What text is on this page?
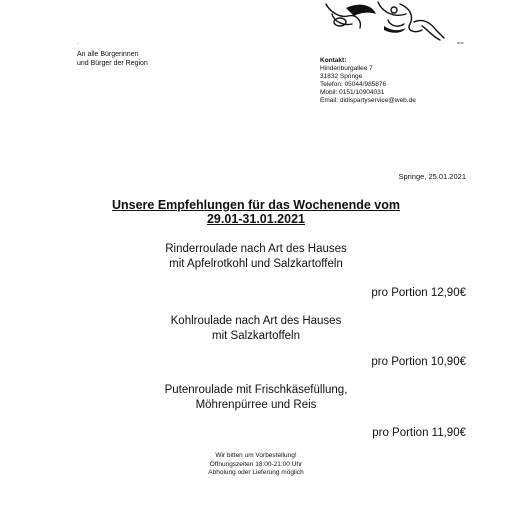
ans
.
An alle Bürgerinnen
und Bürger der Region	Kontakt:
Hindenburgallee 7
31832 Springe
Telefon: 05044/985876
Mobil: 0151/10904031
Email: didispartyservice@web.de
Springe, 25.01.2021
Unsere Empfehlungen für das Wochenende vom
29.01-31.01.2021
Rinderroulade nach Art des Hauses
mit Apfelrotkohl und Salzkartoffeln
pro Portion 12,90€
Kohlroulade nach Art des Hauses
mit Salzkartoffeln
pro Portion 10,90€
Putenroulade mit Frischkäsefüllung,
Möhrenpürree und Reis
pro Portion 11,90€
Wir bitten um Vorbestellung!
Öffnungszeiten 18:00-21:00 Uhr
Abholung oder Lieferung möglich
